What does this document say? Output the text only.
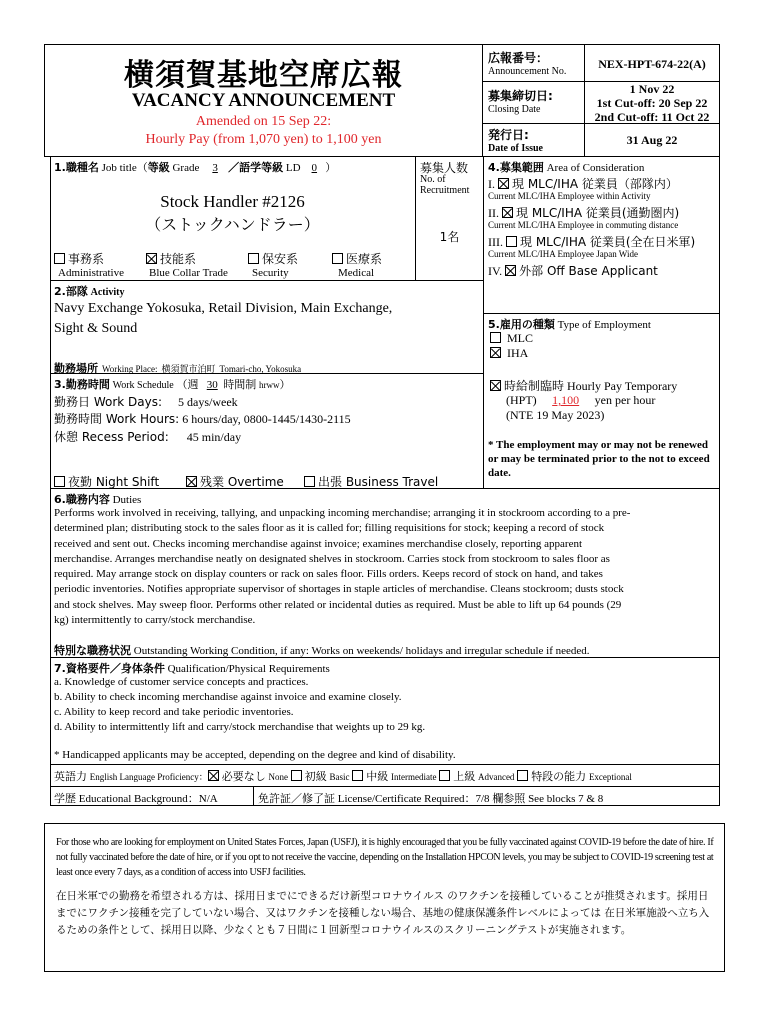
横須賀基地空席広報
VACANCY ANNOUNCEMENT
Amended on 15 Sep 22:
Hourly Pay (from 1,070 yen) to 1,100 yen
広報番号：
Announcement No.
NEX-HPT-674-22(A)
募集締切日:
Closing Date
1 Nov 22
1st Cut-off: 20 Sep 22
2nd Cut-off: 11 Oct 22
発行日:
Date of Issue
31 Aug 22
1.職種名 Job title（等級 Grade 3 ／語学等級 LD 0 ）
Stock Handler #2126
（ストックハンドラー）
事務系
Administrative
技能系
Blue Collar Trade
保安系
Security
医療系
Medical
募集人数
No. of
Recruitment
1名
4.募集範囲 Area of Consideration
I. 現 MLC/IHA 従業員（部隊内）
Current MLC/IHA Employee within Activity
II. 現 MLC/IHA 従業員(通勤圏内)
Current MLC/IHA Employee in commuting distance
III. 現 MLC/IHA 従業員(全在日米軍)
Current MLC/IHA Employee Japan Wide
IV. 外部 Off Base Applicant
2.部隊 Activity
Navy Exchange Yokosuka, Retail Division, Main Exchange,
Sight & Sound
勤務場所 Working Place: 横須賀市泊町 Tomari-cho, Yokosuka
5.雇用の種類 Type of Employment
MLC
IHA
時給制臨時 Hourly Pay Temporary
(HPT) 1,100 yen per hour
(NTE 19 May 2023)
* The employment may or may not be renewed or may be terminated prior to the not to exceed date.
3.勤務時間 Work Schedule （週 30 時間制 hrww）
勤務日 Work Days: 5 days/week
勤務時間 Work Hours: 6 hours/day, 0800-1445/1430-2115
休憩 Recess Period: 45 min/day
夜勤 Night Shift	残業 Overtime	出張 Business Travel
6.職務内容 Duties

Performs work involved in receiving, tallying, and unpacking incoming merchandise; arranging it in stockroom according to a pre-

determined plan; distributing stock to the sales floor as it is called for; filling requisitions for stock; keeping a record of stock

received and sent out. Checks incoming merchandise against invoice; examines merchandise closely, reporting apparent

merchandise. Arranges merchandise neatly on designated shelves in stockroom. Carries stock from stockroom to sales floor as

required. May arrange stock on display counters or rack on sales floor. Fills orders. Keeps record of stock on hand, and takes

periodic inventories. Notifies appropriate supervisor of shortages in staple articles of merchandise. Cleans stockroom; dusts stock

and stock shelves. May sweep floor. Performs other related or incidental duties as required. Must be able to lift up 64 pounds (29

kg) intermittently to carry/stock merchandise.

特別な職務状況 Outstanding Working Condition, if any: Works on weekends/ holidays and irregular schedule if needed.
7.資格要件／身体条件 Qualification/Physical Requirements
a. Knowledge of customer service concepts and practices.
b. Ability to check incoming merchandise against invoice and examine closely.
c. Ability to keep record and take periodic inventories.
d. Ability to intermittently lift and carry/stock merchandise that weights up to 29 kg.
* Handicapped applicants may be accepted, depending on the degree and kind of disability.
英語力 English Language Proficiency： 必要なし None 初級 Basic 中級 Intermediate 上級 Advanced 特段の能力 Exceptional
学歴 Educational Background：N/A	免許証／修了証 License/Certificate Required：7/8 欄参照 See blocks 7 & 8
For those who are looking for employment on United States Forces, Japan (USFJ), it is highly encouraged that you be fully vaccinated against COVID-19 before the date of hire. If not fully vaccinated before the date of hire, or if you opt to not receive the vaccine, depending on the Installation HPCON levels, you may be subject to COVID-19 screening test at least once every 7 days, as a condition of access into USFJ facilities.
在日米軍での勤務を希望される方は、採用日までにできるだけ新型コロナウイルス のワクチンを接種していることが推奨されます。採用日までにワクチン接種を完了していない場合、又はワクチンを接種しない場合、基地の健康保護条件レベルによっては 在日米軍施設へ立ち入るための条件として、採用日以降、少なくとも７日間に１回新型コロナウイルスのスクリーニングテストが実施されます。
